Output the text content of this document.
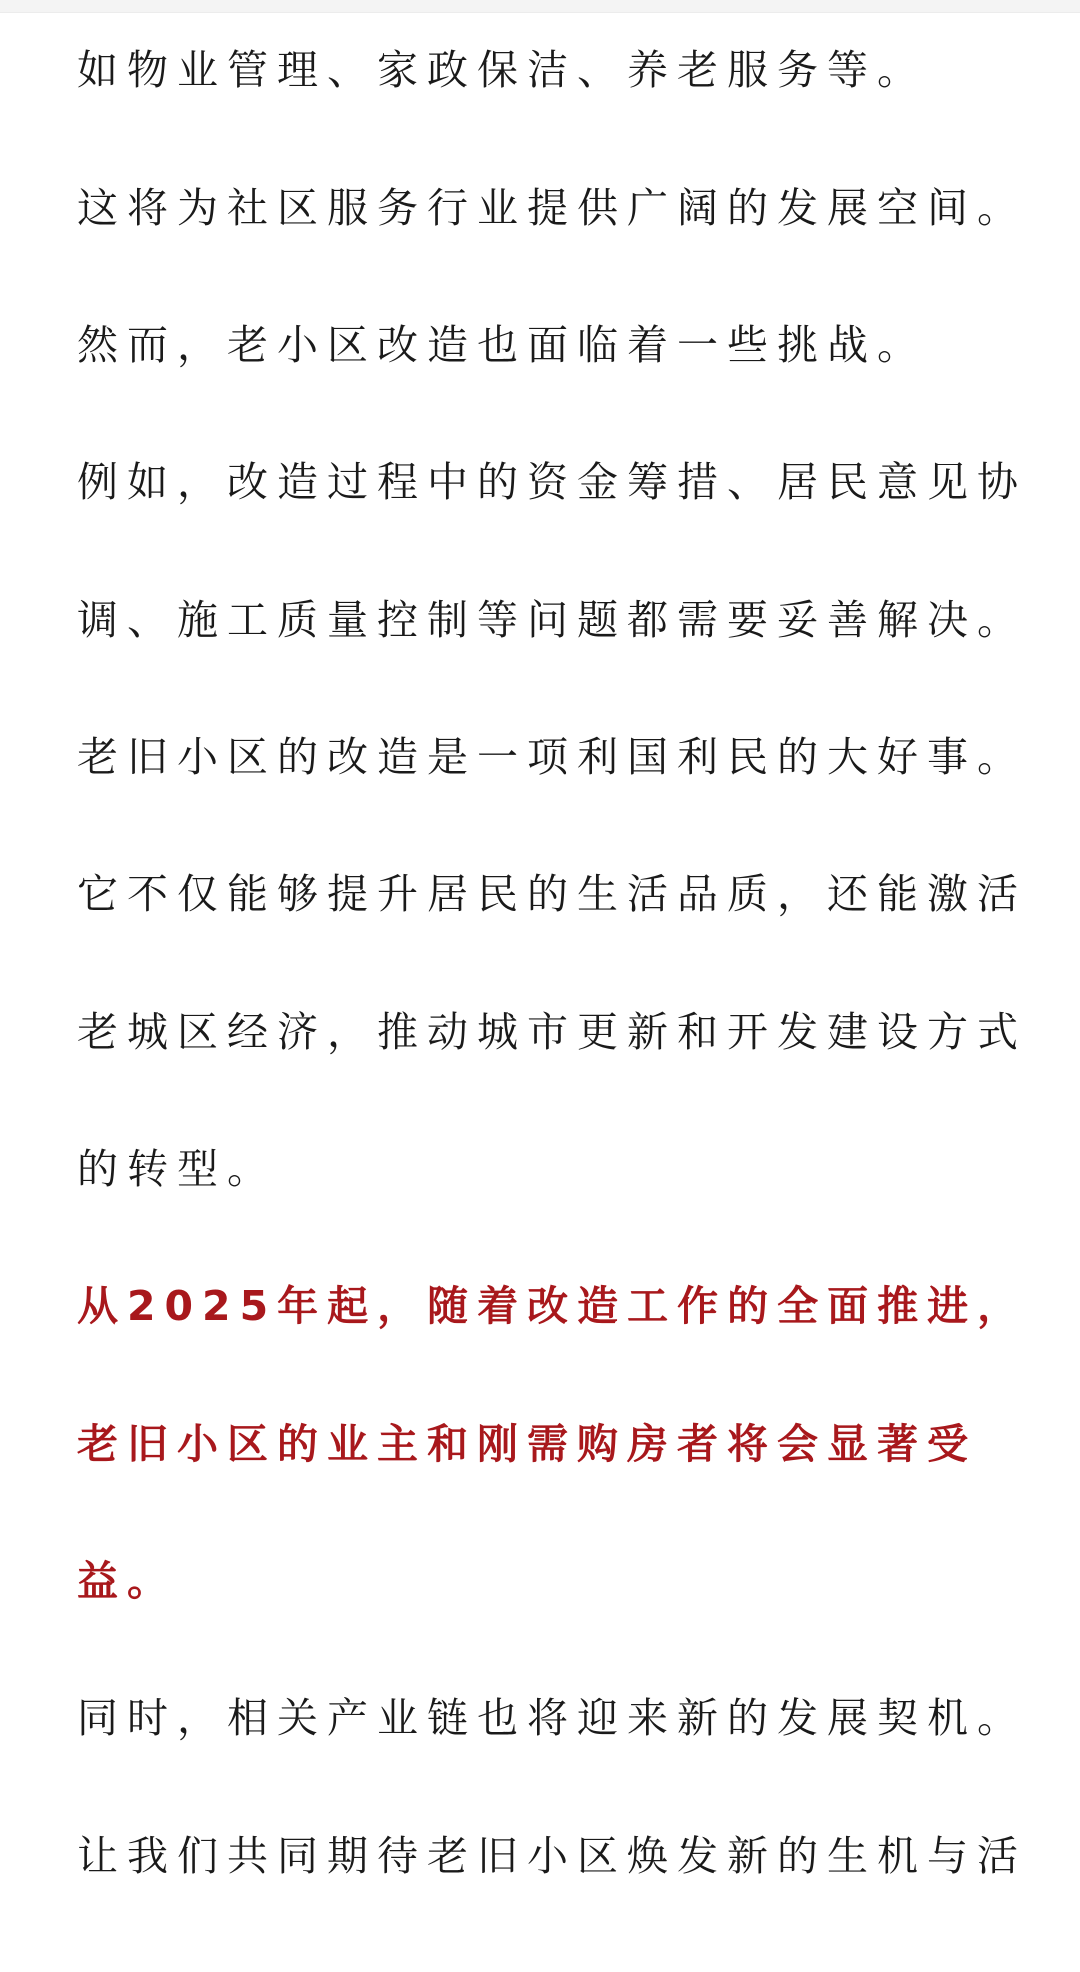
如物业管理、家政保洁、养老服务等。
这将为社区服务行业提供广阔的发展空间。
然而，老小区改造也面临着一些挑战。
例如，改造过程中的资金筹措、居民意见协
调、施工质量控制等问题都需要妥善解决。
老旧小区的改造是一项利国利民的大好事。
它不仅能够提升居民的生活品质，还能激活
老城区经济，推动城市更新和开发建设方式
的转型。
从2025年起，随着改造工作的全面推进，
老旧小区的业主和刚需购房者将会显著受
益。
同时，相关产业链也将迎来新的发展契机。
让我们共同期待老旧小区焕发新的生机与活
